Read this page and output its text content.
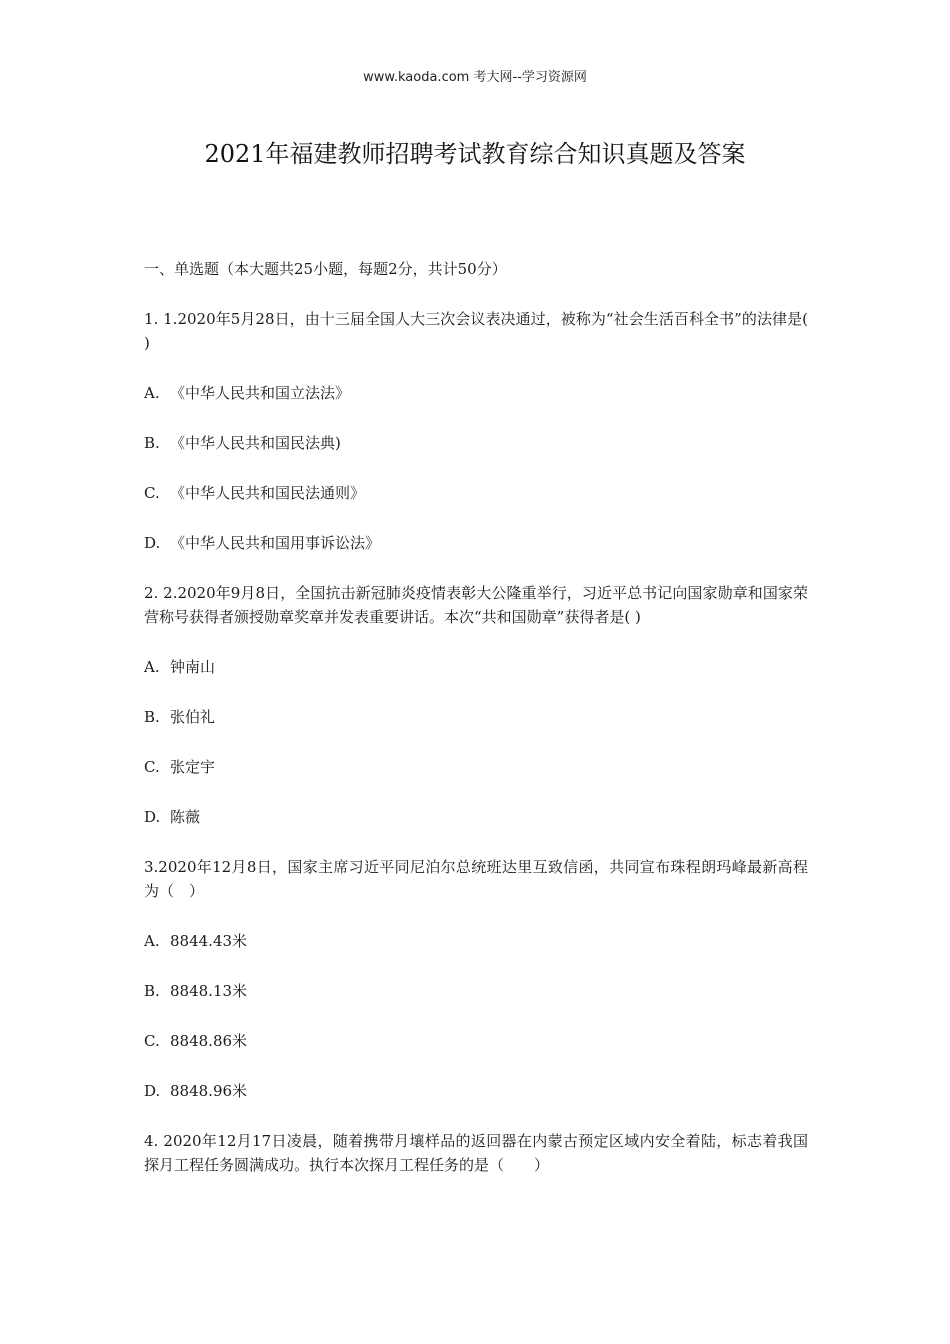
www.kaoda.com 考大网--学习资源网
2021年福建教师招聘考试教育综合知识真题及答案
一、单选题（本大题共25小题，每题2分，共计50分）
1. 1.2020年5月28日，由十三届全国人大三次会议表决通过，被称为“社会生活百科全书”的法律是( )
A. 《中华人民共和国立法法》
B. 《中华人民共和国民法典)
C. 《中华人民共和国民法通则》
D. 《中华人民共和国用事诉讼法》
2. 2.2020年9月8日，全国抗击新冠肺炎疫情表彰大公隆重举行，习近平总书记向国家勋章和国家荣营称号获得者颁授勋章奖章并发表重要讲话。本次“共和国勋章”获得者是( )
A. 钟南山
B. 张伯礼
C. 张定宇
D. 陈薇
3.2020年12月8日，国家主席习近平同尼泊尔总统班达里互致信函，共同宣布珠程朗玛峰最新高程为（　）
A. 8844.43米
B. 8848.13米
C. 8848.86米
D. 8848.96米
4. 2020年12月17日凌晨，随着携带月壤样品的返回器在内蒙古预定区域内安全着陆，标志着我国探月工程任务圆满成功。执行本次探月工程任务的是（　　）
